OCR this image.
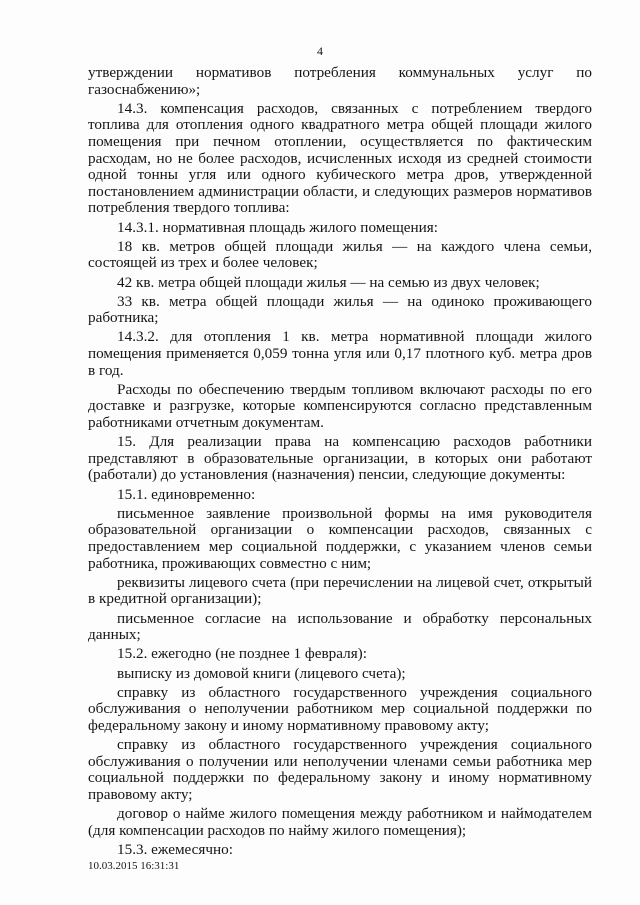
4

утверждении нормативов потребления коммунальных услуг по газоснабжению»;

14.3. компенсация расходов, связанных с потреблением твердого топлива для отопления одного квадратного метра общей площади жилого помещения при печном отоплении, осуществляется по фактическим расходам, но не более расходов, исчисленных исходя из средней стоимости одной тонны угля или одного кубического метра дров, утвержденной постановлением администрации области, и следующих размеров нормативов потребления твердого топлива:

14.3.1. нормативная площадь жилого помещения:

18 кв. метров общей площади жилья — на каждого члена семьи, состоящей из трех и более человек;

42 кв. метра общей площади жилья — на семью из двух человек;

33 кв. метра общей площади жилья — на одиноко проживающего работника;

14.3.2. для отопления 1 кв. метра нормативной площади жилого помещения применяется 0,059 тонна угля или 0,17 плотного куб. метра дров в год.

Расходы по обеспечению твердым топливом включают расходы по его доставке и разгрузке, которые компенсируются согласно представленным работниками отчетным документам.

15. Для реализации права на компенсацию расходов работники представляют в образовательные организации, в которых они работают (работали) до установления (назначения) пенсии, следующие документы:

15.1. единовременно:

письменное заявление произвольной формы на имя руководителя образовательной организации о компенсации расходов, связанных с предоставлением мер социальной поддержки, с указанием членов семьи работника, проживающих совместно с ним;

реквизиты лицевого счета (при перечислении на лицевой счет, открытый в кредитной организации);

письменное согласие на использование и обработку персональных данных;

15.2. ежегодно (не позднее 1 февраля):

выписку из домовой книги (лицевого счета);

справку из областного государственного учреждения социального обслуживания о неполучении работником мер социальной поддержки по федеральному закону и иному нормативному правовому акту;

справку из областного государственного учреждения социального обслуживания о получении или неполучении членами семьи работника мер социальной поддержки по федеральному закону и иному нормативному правовому акту;

договор о найме жилого помещения между работником и наймодателем (для компенсации расходов по найму жилого помещения);

15.3. ежемесячно:

10.03.2015 16:31:31
